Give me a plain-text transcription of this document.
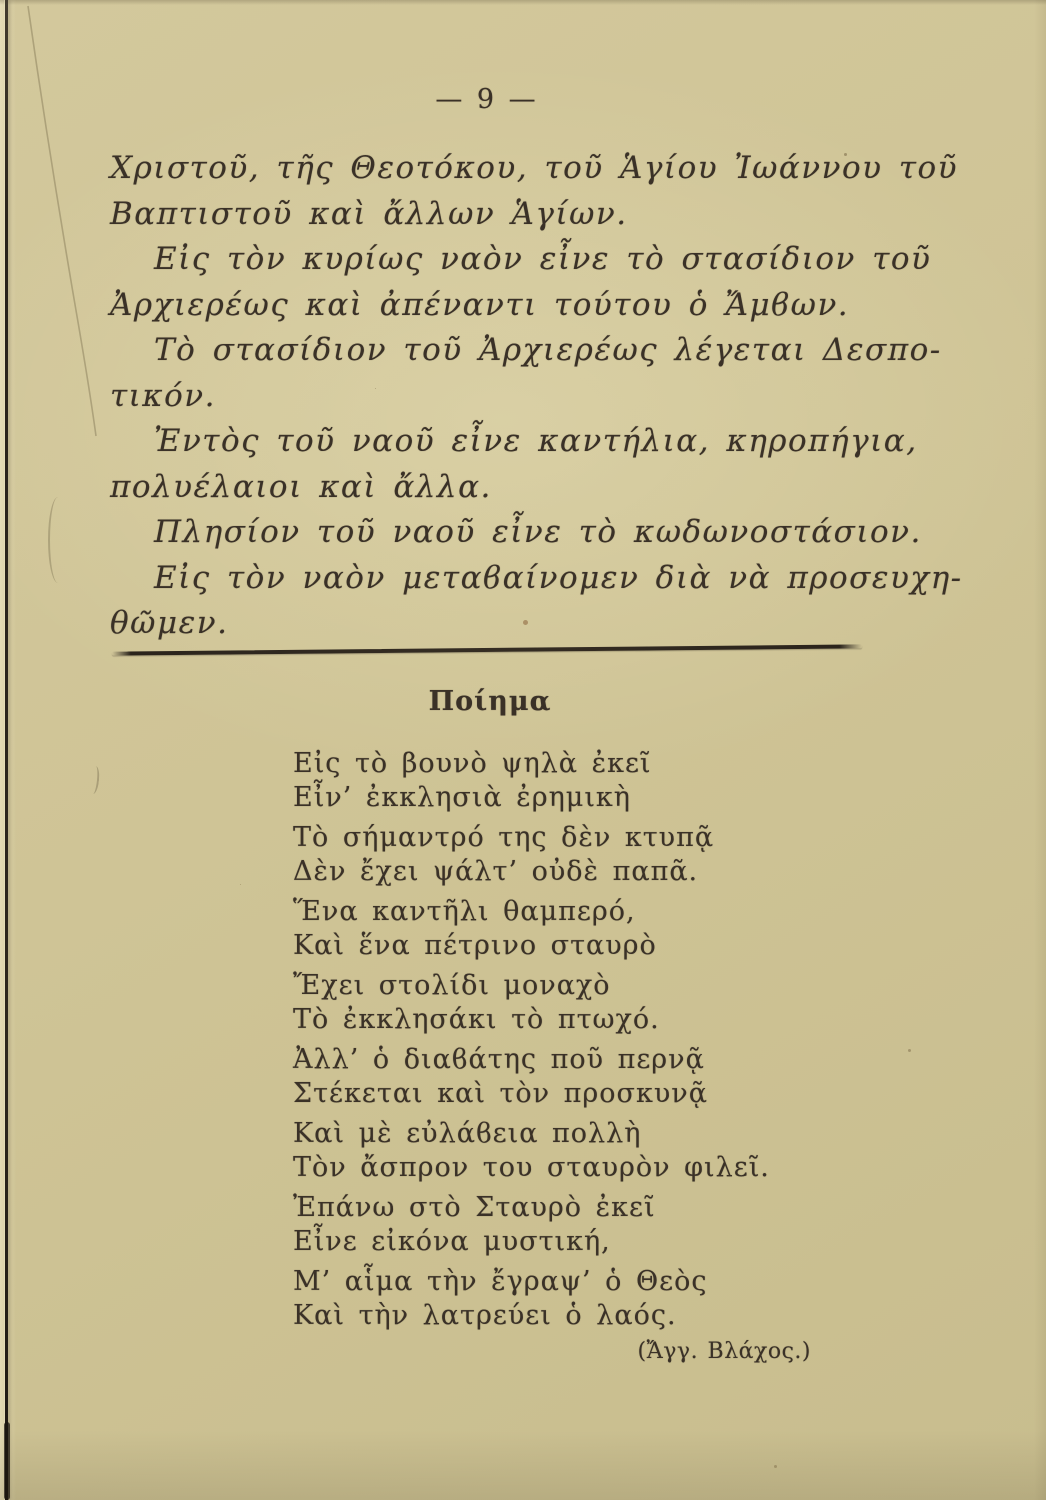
— 9 —
Χριστοῦ, τῆς Θεοτόκου, τοῦ Ἁγίου Ἰωάννου τοῦ
Βαπτιστοῦ καὶ ἄλλων Ἁγίων.
Εἰς τὸν κυρίως ναὸν εἶνε τὸ στασίδιον τοῦ
Ἀρχιερέως καὶ ἀπέναντι τούτου ὁ Ἄμϐων.
Τὸ στασίδιον τοῦ Ἀρχιερέως λέγεται Δεσπο-
τικόν.
Ἐντὸς τοῦ ναοῦ εἶνε καντήλια, κηροπήγια,
πολυέλαιοι καὶ ἄλλα.
Πλησίον τοῦ ναοῦ εἶνε τὸ κωδωνοστάσιον.
Εἰς τὸν ναὸν μεταϐαίνομεν διὰ νὰ προσευχη-
θῶμεν.
Ποίημα
Εἰς τὸ βουνὸ ψηλὰ ἐκεῖ
Εἶν’ ἐκκλησιὰ ἐρημικὴ
Τὸ σήμαντρό της δὲν κτυπᾷ
Δὲν ἔχει ψάλτ’ οὐδὲ παπᾶ.
Ἕνα καντῆλι θαμπερό,
Καὶ ἕνα πέτρινο σταυρὸ
Ἔχει στολίδι μοναχὸ
Τὸ ἐκκλησάκι τὸ πτωχό.
Ἀλλ’ ὁ διαϐάτης ποῦ περνᾷ
Στέκεται καὶ τὸν προσκυνᾷ
Καὶ μὲ εὐλάϐεια πολλὴ
Τὸν ἄσπρον του σταυρὸν φιλεῖ.
Ἐπάνω στὸ Σταυρὸ ἐκεῖ
Εἶνε εἰκόνα μυστική,
Μ’ αἷμα τὴν ἔγραψ’ ὁ Θεὸς
Καὶ τὴν λατρεύει ὁ λαός.
(Ἄγγ. Βλάχος.)
